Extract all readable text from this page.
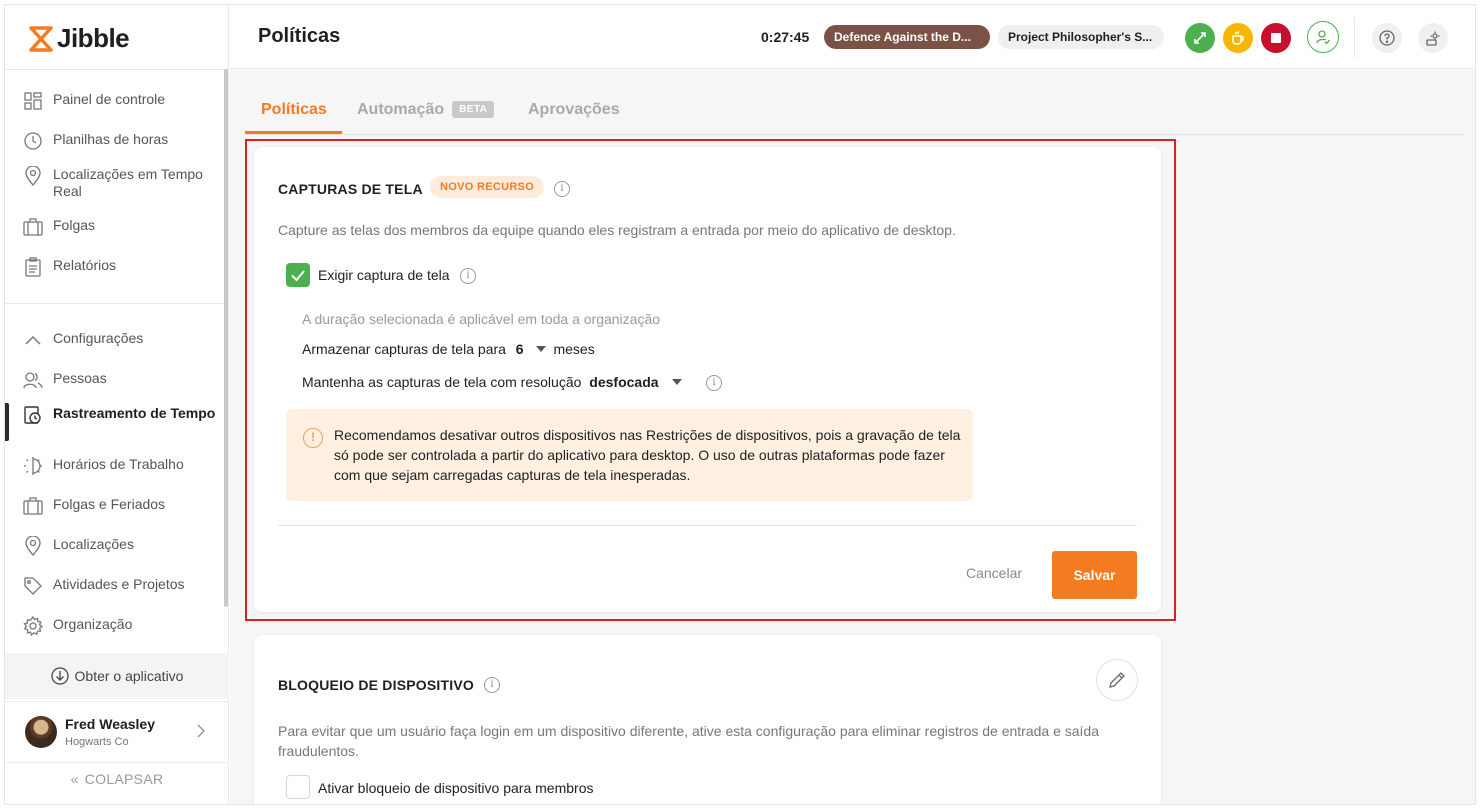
Jibble
Painel de controle
Planilhas de horas
Localizações em Tempo Real
Folgas
Relatórios
Configurações
Pessoas
Rastreamento de Tempo
Horários de Trabalho
Folgas e Feriados
Localizações
Atividades e Projetos
Organização
Obter o aplicativo
Fred Weasley
Hogwarts Co
« COLAPSAR
Políticas	0:27:45	Defence Against the D...	Project Philosopher's S...
Políticas Automação BETA	Aprovações
CAPTURAS DE TELA	NOVO RECURSO	i
Capture as telas dos membros da equipe quando eles registram a entrada por meio do aplicativo de desktop.
Exigir captura de tela	i
A duração selecionada é aplicável em toda a organização
Armazenar capturas de tela para 6 meses
Mantenha as capturas de tela com resolução desfocada	i
!	Recomendamos desativar outros dispositivos nas Restrições de dispositivos, pois a gravação de tela só pode ser controlada a partir do aplicativo para desktop. O uso de outras plataformas pode fazer com que sejam carregadas capturas de tela inesperadas.
Cancelar	Salvar
BLOQUEIO DE DISPOSITIVO	i
Para evitar que um usuário faça login em um dispositivo diferente, ative esta configuração para eliminar registros de entrada e saída fraudulentos.
Ativar bloqueio de dispositivo para membros
